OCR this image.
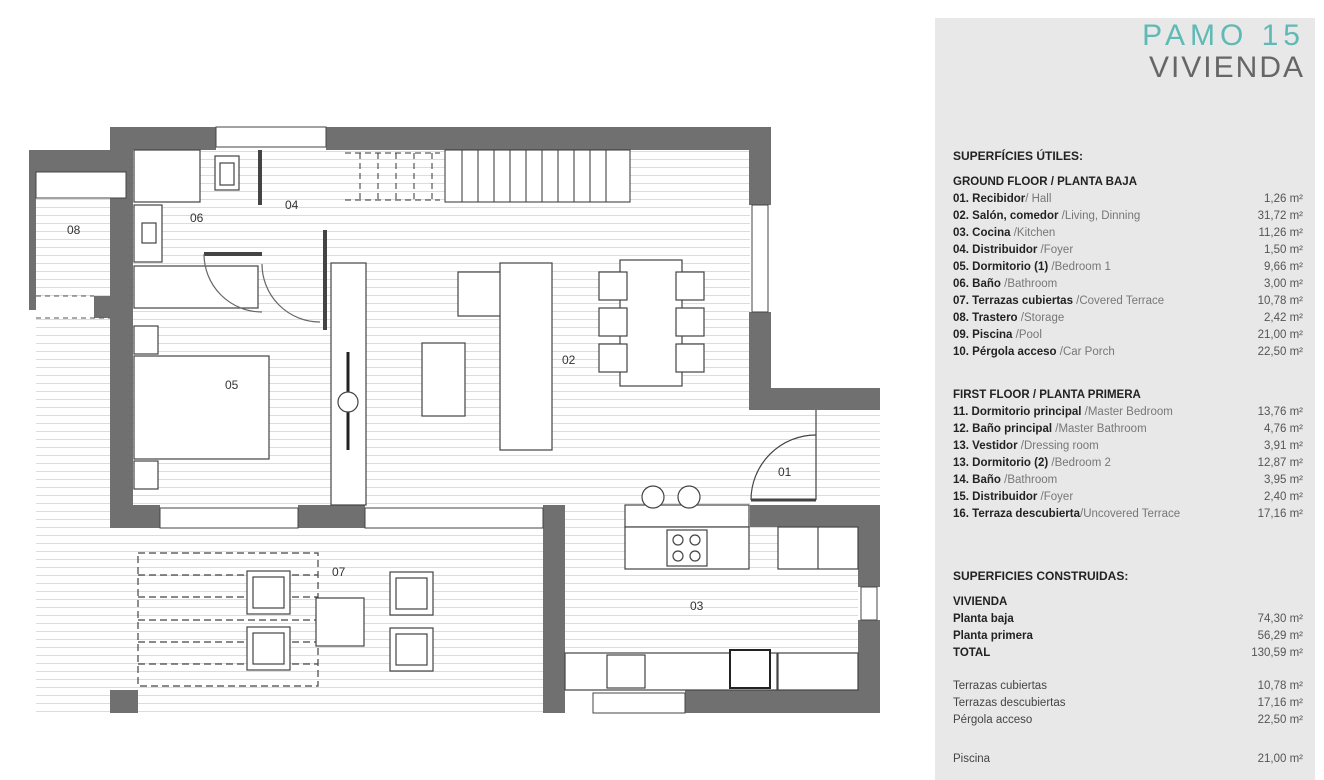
01
02
03
04
05
06
07
08
PAMO 15
VIVIENDA
SUPERFÍCIES ÚTILES:
GROUND FLOOR / PLANTA BAJA
01. Recibidor/ Hall	1,26 m²
02. Salón, comedor /Living, Dinning	31,72 m²
03. Cocina /Kitchen	11,26 m²
04. Distribuidor /Foyer	1,50 m²
05. Dormitorio (1) /Bedroom 1	9,66 m²
06. Baño /Bathroom	3,00 m²
07. Terrazas cubiertas /Covered Terrace	10,78 m²
08. Trastero /Storage	2,42 m²
09. Piscina /Pool	21,00 m²
10. Pérgola acceso /Car Porch	22,50 m²
FIRST FLOOR / PLANTA PRIMERA
11. Dormitorio principal /Master Bedroom	13,76 m²
12. Baño principal /Master Bathroom	4,76 m²
13. Vestidor /Dressing room	3,91 m²
13. Dormitorio (2) /Bedroom 2	12,87 m²
14. Baño /Bathroom	3,95 m²
15. Distribuidor /Foyer	2,40 m²
16. Terraza descubierta/Uncovered Terrace	17,16 m²
SUPERFICIES CONSTRUIDAS:
VIVIENDA
Planta baja	74,30 m²
Planta primera	56,29 m²
TOTAL	130,59 m²
Terrazas cubiertas	10,78 m²
Terrazas descubiertas	17,16 m²
Pérgola acceso	22,50 m²
Piscina	21,00 m²
